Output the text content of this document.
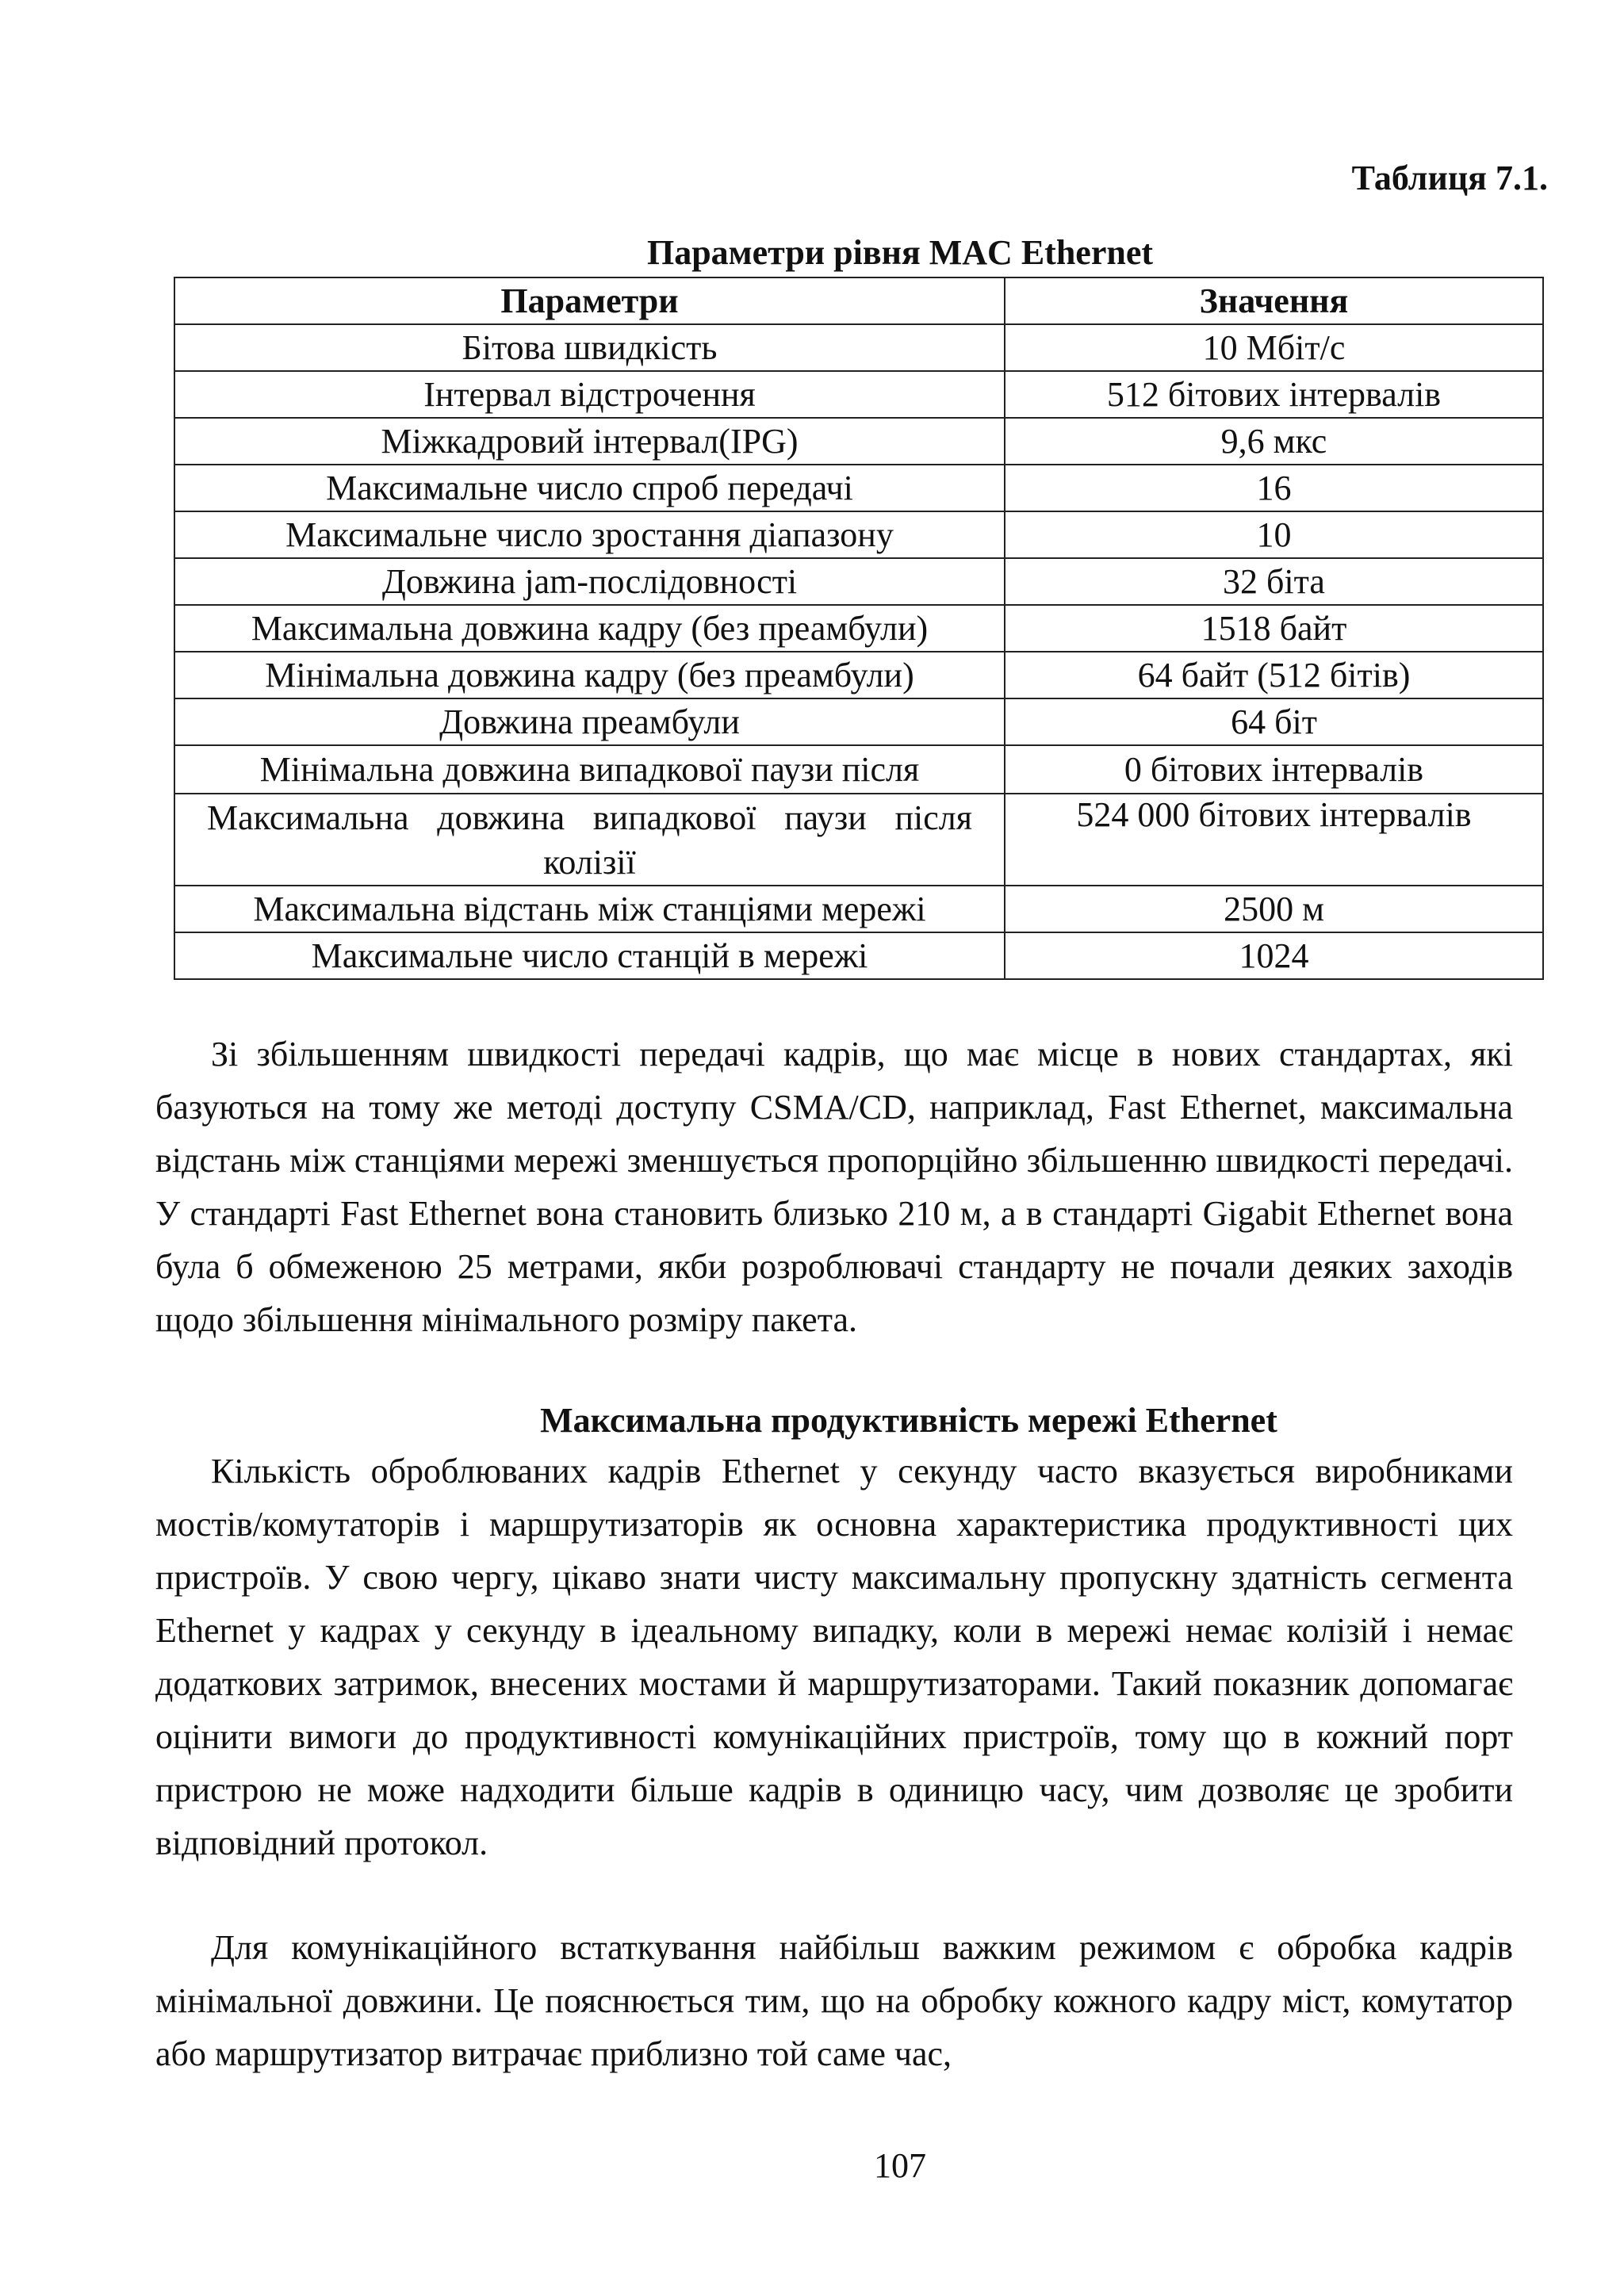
Таблиця 7.1.

Параметри рівня MAC Ethernet

Параметри	Значення
Бітова швидкість	10 Мбіт/с
Інтервал відстрочення	512 бітових інтервалів
Міжкадровий інтервал(IPG)	9,6 мкс
Максимальне число спроб передачі	16
Максимальне число зростання діапазону	10
Довжина jam-послідовності	32 біта
Максимальна довжина кадру (без преамбули)	1518 байт
Мінімальна довжина кадру (без преамбули)	64 байт (512 бітів)
Довжина преамбули	64 біт
Мінімальна довжина випадкової паузи після	0 бітових інтервалів
Максимальна довжина випадкової паузи після колізії	524 000 бітових інтервалів
Максимальна відстань між станціями мережі	2500 м
Максимальне число станцій в мережі	1024

Зі збільшенням швидкості передачі кадрів, що має місце в нових стандартах, які базуються на тому же методі доступу CSMA/CD, наприклад, Fast Ethernet, максимальна відстань між станціями мережі зменшується пропорційно збільшенню швидкості передачі. У стандарті Fast Ethernet вона становить близько 210 м, а в стандарті Gigabit Ethernet вона була б обмеженою 25 метрами, якби розроблювачі стандарту не почали деяких заходів щодо збільшення мінімального розміру пакета.

Максимальна продуктивність мережі Ethernet

Кількість оброблюваних кадрів Ethernet у секунду часто вказується виробниками мостів/комутаторів і маршрутизаторів як основна характеристика продуктивності цих пристроїв. У свою чергу, цікаво знати чисту максимальну пропускну здатність сегмента Ethernet у кадрах у секунду в ідеальному випадку, коли в мережі немає колізій і немає додаткових затримок, внесених мостами й маршрутизаторами. Такий показник допомагає оцінити вимоги до продуктивності комунікаційних пристроїв, тому що в кожний порт пристрою не може надходити більше кадрів в одиницю часу, чим дозволяє це зробити відповідний протокол.

Для комунікаційного встаткування найбільш важким режимом є обробка кадрів мінімальної довжини. Це пояснюється тим, що на обробку кожного кадру міст, комутатор або маршрутизатор витрачає приблизно той саме час,

107
